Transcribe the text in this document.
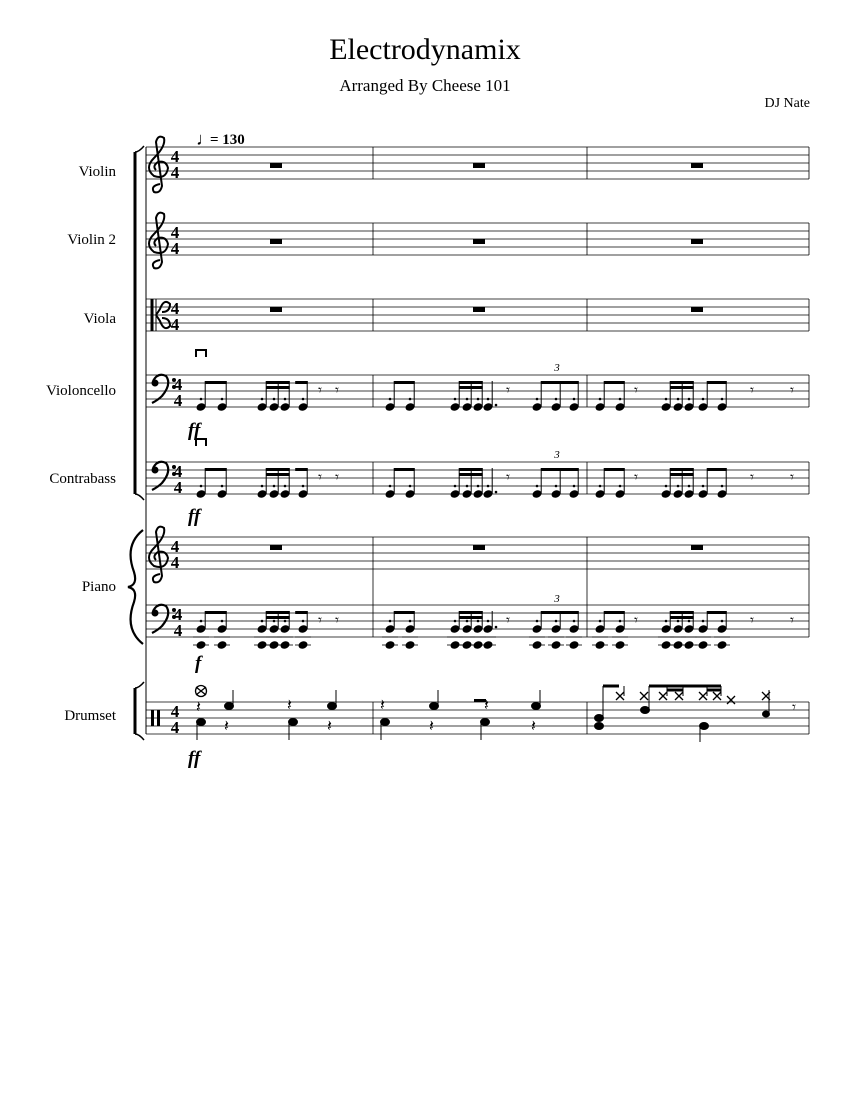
Electrodynamix
Arranged By Cheese 101
DJ Nate
Violin
Violin 2
Viola
Violoncello
Contrabass
Piano
Drumset
♩
= 130
4
4
4
4
4
4
4
4
4
4
4
4
4
4
4
4
𝄾 𝄾	𝄾	𝄾	𝄾 𝄾
𝄾 𝄾	𝄾	𝄾	𝄾 𝄾
𝄾 𝄾	𝄾	𝄾	𝄾 𝄾
3
3
3
ff
ff
f
ff
𝄽	𝄽
𝄽	𝄽
𝄽	𝄽
𝄽	𝄽
𝄾
